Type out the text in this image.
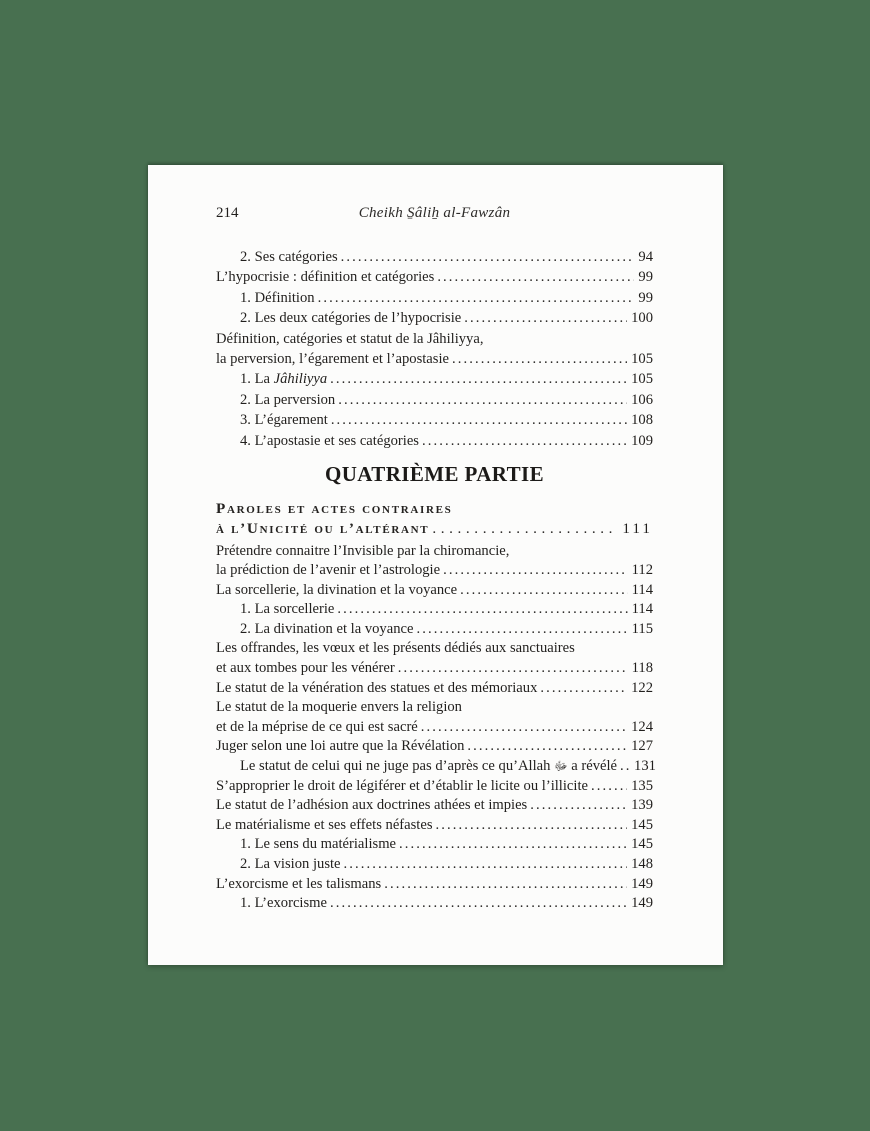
214	Cheikh S̱âliẖ al-Fawzân
2. Ses catégories .....	94
L’hypocrisie : définition et catégories .....	99
1. Définition .....	99
2. Les deux catégories de l’hypocrisie .....	100
Définition, catégories et statut de la Jâhiliyya,
la perversion, l’égarement et l’apostasie .....	105
1. La Jâhiliyya .....	105
2. La perversion .....	106
3. L’égarement .....	108
4. L’apostasie et ses catégories .....	109
QUATRIÈME PARTIE
Paroles et actes contraires
à l’Unicité ou l’altérant .....	111
Prétendre connaitre l’Invisible par la chiromancie,
la prédiction de l’avenir et l’astrologie .....	112
La sorcellerie, la divination et la voyance .....	114
1. La sorcellerie .....	114
2. La divination et la voyance .....	115
Les offrandes, les vœux et les présents dédiés aux sanctuaires
et aux tombes pour les vénérer .....	118
Le statut de la vénération des statues et des mémoriaux .....	122
Le statut de la moquerie envers la religion
et de la méprise de ce qui est sacré .....	124
Juger selon une loi autre que la Révélation .....	127
Le statut de celui qui ne juge pas d’après ce qu’Allah ﷻ a révélé ..... 131
S’approprier le droit de légiférer et d’établir le licite ou l’illicite .....	135
Le statut de l’adhésion aux doctrines athées et impies .....	139
Le matérialisme et ses effets néfastes .....	145
1. Le sens du matérialisme .....	145
2. La vision juste .....	148
L’exorcisme et les talismans .....	149
1. L’exorcisme .....	149
